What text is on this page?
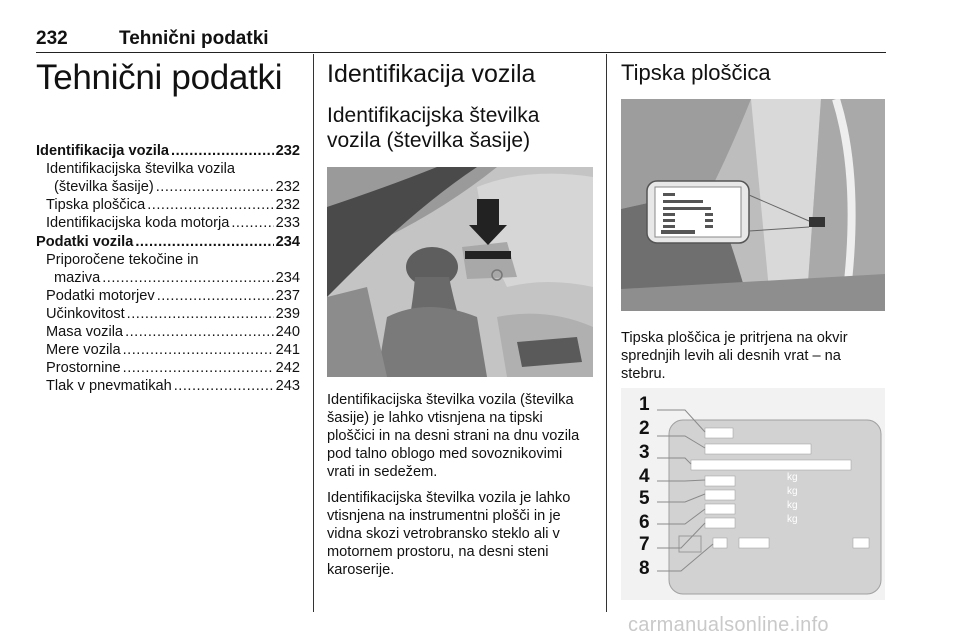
232	Tehnični podatki
Tehnični podatki
Identifikacija vozila .....	232
Identifikacijska številka vozila
(številka šasije) .....	232
Tipska ploščica .....	232
Identifikacijska koda motorja .....	233
Podatki vozila .....	234
Priporočene tekočine in
maziva .....	234
Podatki motorjev .....	237
Učinkovitost .....	239
Masa vozila .....	240
Mere vozila .....	241
Prostornine .....	242
Tlak v pnevmatikah .....	243
Identifikacija vozila
Identifikacijska številka vozila (številka šasije)

Identifikacijska številka vozila (številka šasije) je lahko vtisnjena na tipski ploščici in na desni strani na dnu vozila pod talno oblogo med sovoznikovimi vrati in sedežem.

Identifikacijska številka vozila je lahko vtisnjena na instrumentni plošči in je vidna skozi vetrobransko steklo ali v motornem prostoru, na desni steni karoserije.

Tipska ploščica

Tipska ploščica je pritrjena na okvir sprednjih levih ali desnih vrat – na stebru.

1
2
3
4
5
6
7
8
kg
kg
kg
kg
carmanualsonline.info
